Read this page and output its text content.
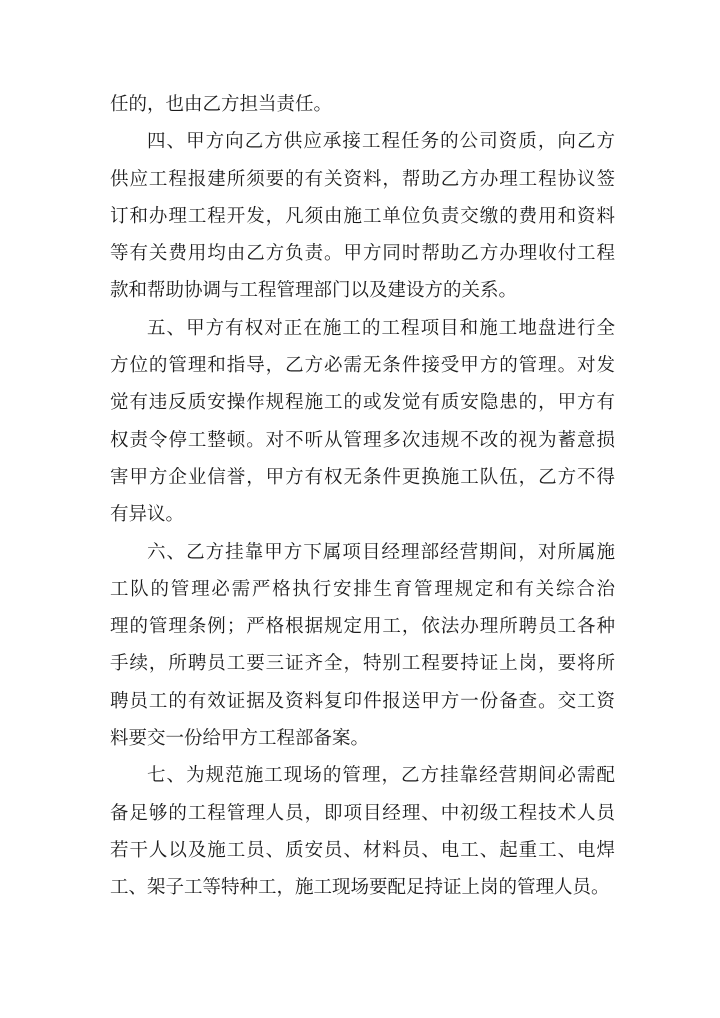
任的，也由乙方担当责任。
四、甲方向乙方供应承接工程任务的公司资质，向乙方
供应工程报建所须要的有关资料，帮助乙方办理工程协议签
订和办理工程开发，凡须由施工单位负责交缴的费用和资料
等有关费用均由乙方负责。甲方同时帮助乙方办理收付工程
款和帮助协调与工程管理部门以及建设方的关系。
五、甲方有权对正在施工的工程项目和施工地盘进行全
方位的管理和指导，乙方必需无条件接受甲方的管理。对发
觉有违反质安操作规程施工的或发觉有质安隐患的，甲方有
权责令停工整顿。对不听从管理多次违规不改的视为蓄意损
害甲方企业信誉，甲方有权无条件更换施工队伍，乙方不得
有异议。
六、乙方挂靠甲方下属项目经理部经营期间，对所属施
工队的管理必需严格执行安排生育管理规定和有关综合治
理的管理条例；严格根据规定用工，依法办理所聘员工各种
手续，所聘员工要三证齐全，特别工程要持证上岗，要将所
聘员工的有效证据及资料复印件报送甲方一份备查。交工资
料要交一份给甲方工程部备案。
七、为规范施工现场的管理，乙方挂靠经营期间必需配
备足够的工程管理人员，即项目经理、中初级工程技术人员
若干人以及施工员、质安员、材料员、电工、起重工、电焊
工、架子工等特种工，施工现场要配足持证上岗的管理人员。
